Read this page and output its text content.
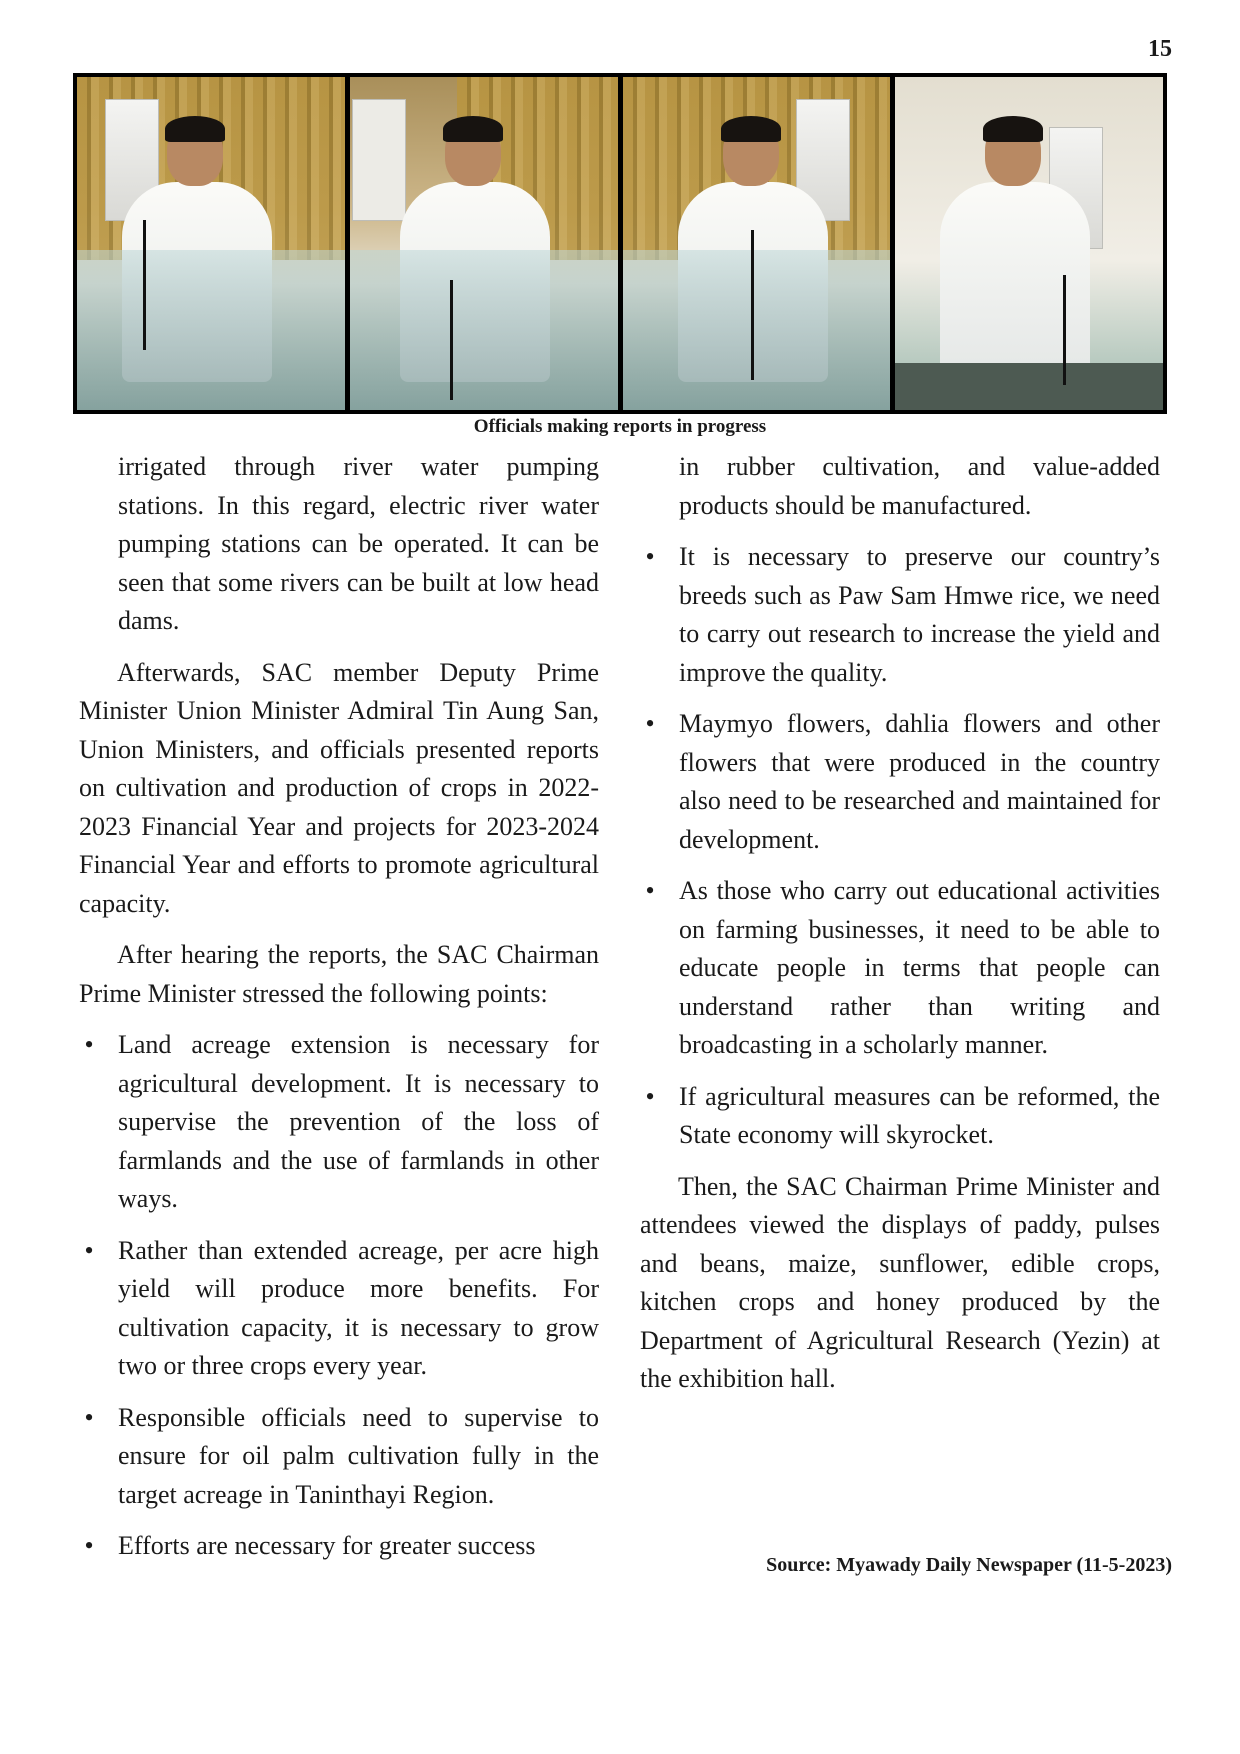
15
Officials making reports in progress

irrigated through river water pumping stations. In this regard, electric river water pumping stations can be operated. It can be seen that some rivers can be built at low head dams.

Afterwards, SAC member Deputy Prime Minister Union Minister Admiral Tin Aung San, Union Ministers, and officials presented reports on cultivation and production of crops in 2022-2023 Financial Year and projects for 2023-2024 Financial Year and efforts to promote agricultural capacity.

After hearing the reports, the SAC Chairman Prime Minister stressed the following points:

• Land acreage extension is necessary for agricultural development. It is necessary to supervise the prevention of the loss of farmlands and the use of farmlands in other ways.
• Rather than extended acreage, per acre high yield will produce more benefits. For cultivation capacity, it is necessary to grow two or three crops every year.
• Responsible officials need to supervise to ensure for oil palm cultivation fully in the target acreage in Taninthayi Region.
• Efforts are necessary for greater success

in rubber cultivation, and value-added products should be manufactured.

• It is necessary to preserve our country’s breeds such as Paw Sam Hmwe rice, we need to carry out research to increase the yield and improve the quality.
• Maymyo flowers, dahlia flowers and other flowers that were produced in the country also need to be researched and maintained for development.
• As those who carry out educational activities on farming businesses, it need to be able to educate people in terms that people can understand rather than writing and broadcasting in a scholarly manner.
• If agricultural measures can be reformed, the State economy will skyrocket.

Then, the SAC Chairman Prime Minister and attendees viewed the displays of paddy, pulses and beans, maize, sunflower, edible crops, kitchen crops and honey produced by the Department of Agricultural Research (Yezin) at the exhibition hall.

Source: Myawady Daily Newspaper (11-5-2023)
